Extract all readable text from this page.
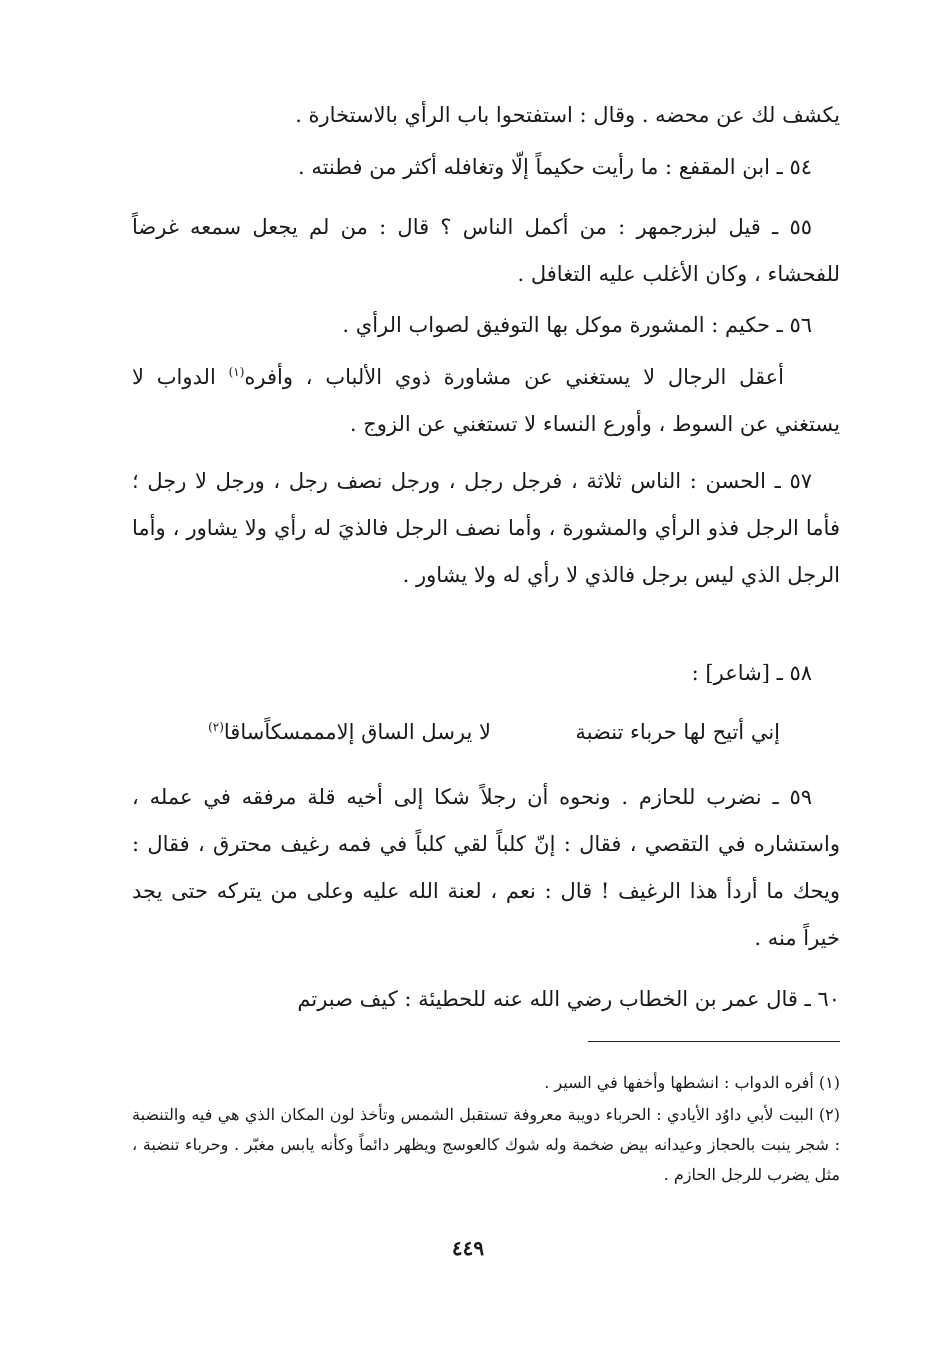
يكشف لك عن محضه . وقال : استفتحوا باب الرأي بالاستخارة .

٥٤ ـ ابن المقفع : ما رأيت حكيماً إلّا وتغافله أكثر من فطنته .

٥٥ ـ قيل لبزرجمهر : من أكمل الناس ؟ قال : من لم يجعل سمعه غرضاً للفحشاء ، وكان الأغلب عليه التغافل .

٥٦ ـ حكيم : المشورة موكل بها التوفيق لصواب الرأي .

أعقل الرجال لا يستغني عن مشاورة ذوي الألباب ، وأفره$^{(١)}$ الدواب لا يستغني عن السوط ، وأورع النساء لا تستغني عن الزوج .

٥٧ ـ الحسن : الناس ثلاثة ، فرجل رجل ، ورجل نصف رجل ، ورجل لا رجل ؛ فأما الرجل فذو الرأي والمشورة ، وأما نصف الرجل فالذيَ له رأي ولا يشاور ، وأما الرجل الذي ليس برجل فالذي لا رأي له ولا يشاور .

٥٨ ـ [شاعر] :

إني أتيح لها حرباء تنضبة
لا يرسل الساق إلامممسكاًساقا$^{(٢)}$

٥٩ ـ نضرب للحازم . ونحوه أن رجلاً شكا إلى أخيه قلة مرفقه في عمله ، واستشاره في التقصي ، فقال : إنّ كلباً لقي كلباً في فمه رغيف محترق ، فقال : ويحك ما أردأ هذا الرغيف ! قال : نعم ، لعنة الله عليه وعلى من يتركه حتى يجد خيراً منه .

٦٠ ـ قال عمر بن الخطاب رضي الله عنه للحطيئة : كيف صبرتم

(١) أفره الدواب : انشطها وأخفها في السير .

(٢) البيت لأبي داوُد الأيادي : الحرباء دويبة معروفة تستقبل الشمس وتأخذ لون المكان الذي هي فيه والتنضبة : شجر ينبت بالحجاز وعيدانه بيض ضخمة وله شوك كالعوسج ويظهر دائماً وكأنه يابس مغبّر . وحرباء تنضبة ، مثل يضرب للرجل الحازم .

٤٤٩
